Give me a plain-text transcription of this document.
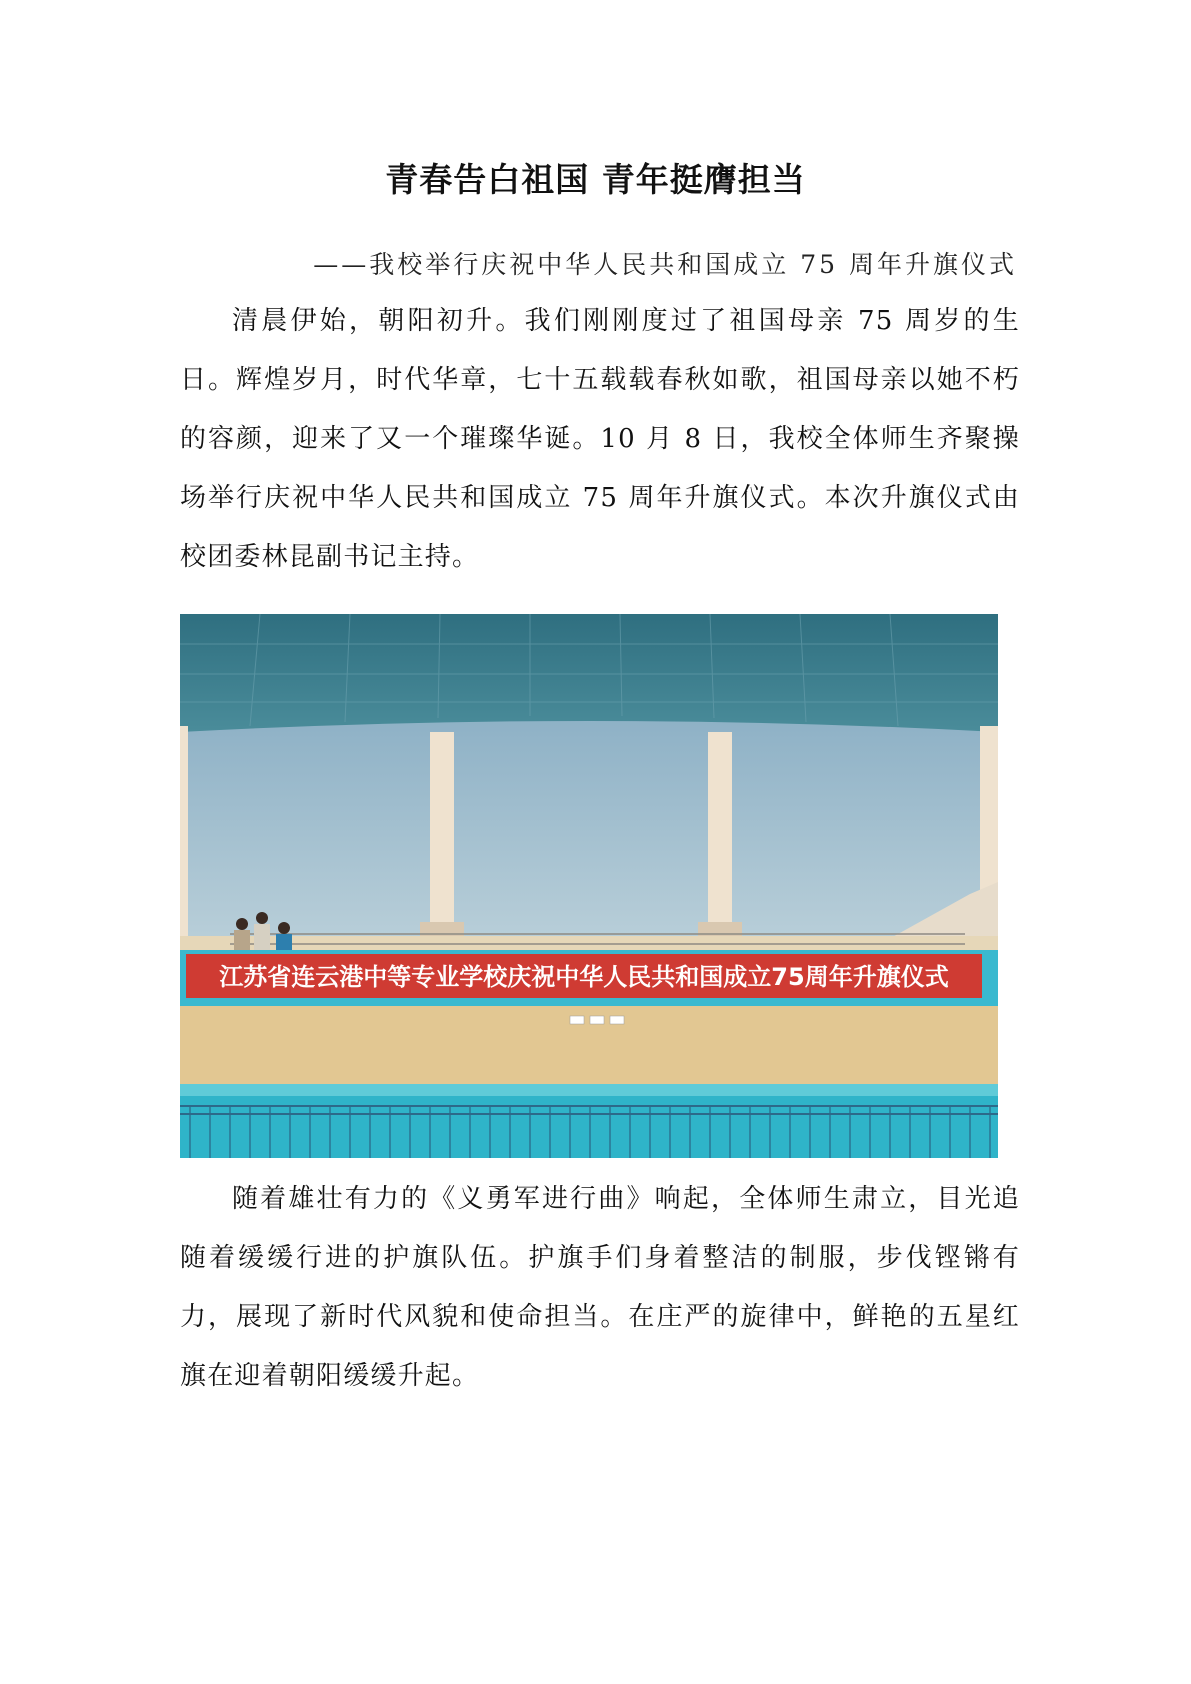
青春告白祖国 青年挺膺担当
——我校举行庆祝中华人民共和国成立 75 周年升旗仪式

清晨伊始，朝阳初升。我们刚刚度过了祖国母亲 75 周岁的生日。辉煌岁月，时代华章，七十五载载春秋如歌，祖国母亲以她不朽的容颜，迎来了又一个璀璨华诞。10 月 8 日，我校全体师生齐聚操场举行庆祝中华人民共和国成立 75 周年升旗仪式。本次升旗仪式由校团委林昆副书记主持。

江苏省连云港中等专业学校庆祝中华人民共和国成立75周年升旗仪式

随着雄壮有力的《义勇军进行曲》响起，全体师生肃立，目光追随着缓缓行进的护旗队伍。护旗手们身着整洁的制服，步伐铿锵有力，展现了新时代风貌和使命担当。在庄严的旋律中，鲜艳的五星红旗在迎着朝阳缓缓升起。
